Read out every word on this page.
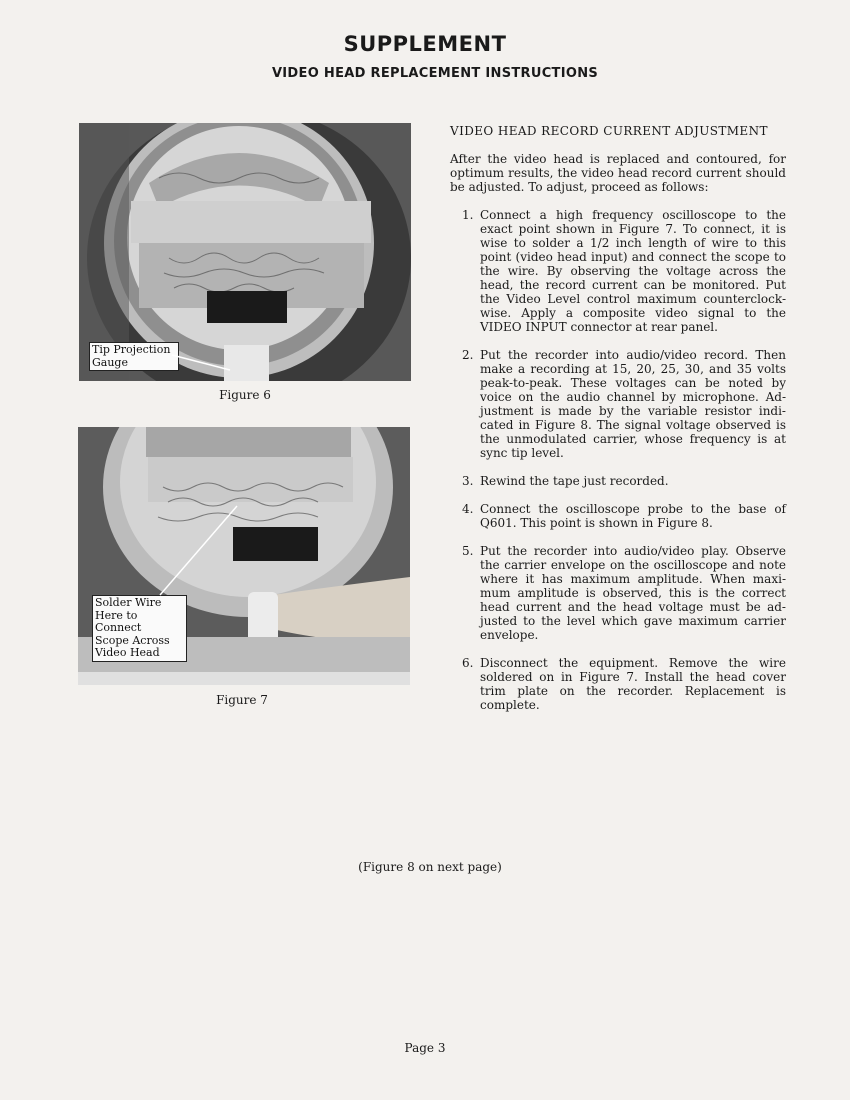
SUPPLEMENT
VIDEO HEAD REPLACEMENT INSTRUCTIONS
Tip Projection
Gauge
Figure 6
Solder Wire
Here to Connect
Scope Across
Video Head
Figure 7
VIDEO HEAD RECORD CURRENT ADJUSTMENT
After the video head is replaced and contoured, for optimum results, the video head record current should be adjusted. To adjust, proceed as follows:
1. Connect a high frequency oscilloscope to the exact point shown in Figure 7. To connect, it is wise to solder a 1/2 inch length of wire to this point (video head input) and connect the scope to the wire. By observing the voltage across the head, the record current can be monitored. Put the Video Level control maximum counterclock-wise. Apply a composite video signal to the VIDEO INPUT connector at rear panel.
2. Put the recorder into audio/video record. Then make a recording at 15, 20, 25, 30, and 35 volts peak-to-peak. These voltages can be noted by voice on the audio channel by microphone. Ad-justment is made by the variable resistor indi-cated in Figure 8. The signal voltage observed is the unmodulated carrier, whose frequency is at sync tip level.
3. Rewind the tape just recorded.
4. Connect the oscilloscope probe to the base of Q601. This point is shown in Figure 8.
5. Put the recorder into audio/video play. Observe the carrier envelope on the oscilloscope and note where it has maximum amplitude. When maxi-mum amplitude is observed, this is the correct head current and the head voltage must be ad-justed to the level which gave maximum carrier envelope.
6. Disconnect the equipment. Remove the wire soldered on in Figure 7. Install the head cover trim plate on the recorder. Replacement is complete.
(Figure 8 on next page)
Page 3
